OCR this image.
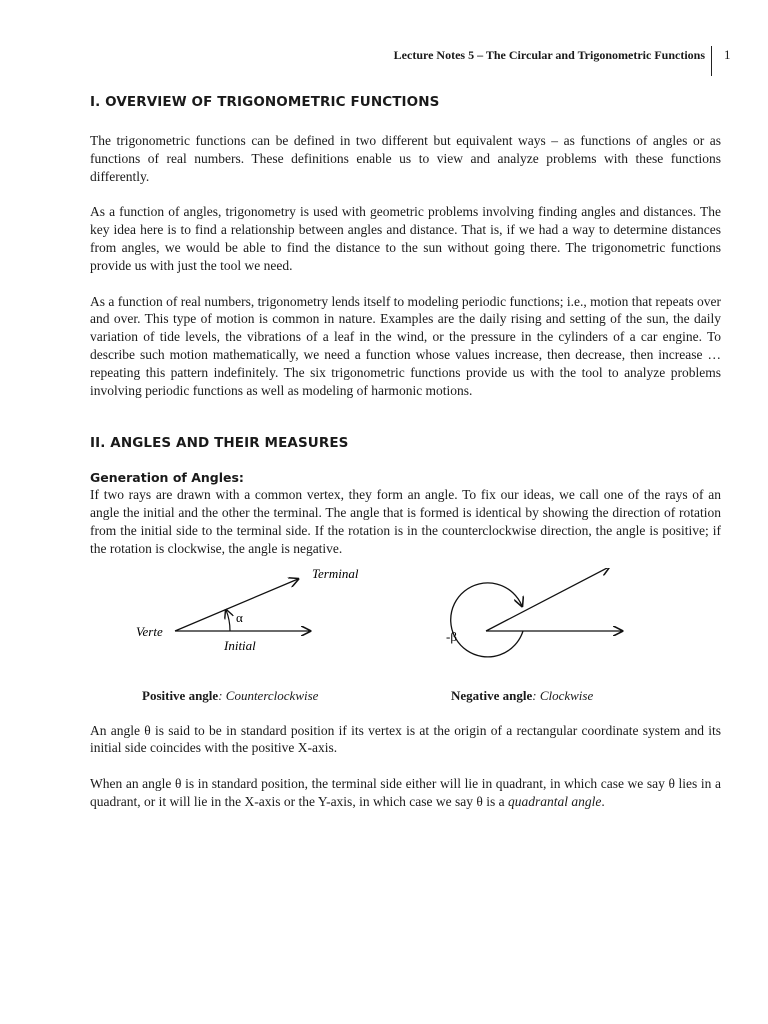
Lecture Notes 5 – The Circular and Trigonometric Functions	1
I. OVERVIEW OF TRIGONOMETRIC FUNCTIONS

The trigonometric functions can be defined in two different but equivalent ways – as functions of angles or as functions of real numbers. These definitions enable us to view and analyze problems with these functions differently.

As a function of angles, trigonometry is used with geometric problems involving finding angles and distances. The key idea here is to find a relationship between angles and distance. That is, if we had a way to determine distances from angles, we would be able to find the distance to the sun without going there. The trigonometric functions provide us with just the tool we need.

As a function of real numbers, trigonometry lends itself to modeling periodic functions; i.e., motion that repeats over and over. This type of motion is common in nature. Examples are the daily rising and setting of the sun, the daily variation of tide levels, the vibrations of a leaf in the wind, or the pressure in the cylinders of a car engine. To describe such motion mathematically, we need a function whose values increase, then decrease, then increase …repeating this pattern indefinitely. The six trigonometric functions provide us with the tool to analyze problems involving periodic functions as well as modeling of harmonic motions.

II. ANGLES AND THEIR MEASURES
Generation of Angles:

If two rays are drawn with a common vertex, they form an angle. To fix our ideas, we call one of the rays of an angle the initial and the other the terminal. The angle that is formed is identical by showing the direction of rotation from the initial side to the terminal side. If the rotation is in the counterclockwise direction, the angle is positive; if the rotation is clockwise, the angle is negative.

Terminal
α
Verte
Initial
-β
Positive angle: Counterclockwise	Negative angle: Clockwise

An angle θ is said to be in standard position if its vertex is at the origin of a rectangular coordinate system and its initial side coincides with the positive X-axis.

When an angle θ is in standard position, the terminal side either will lie in quadrant, in which case we say θ lies in a quadrant, or it will lie in the X-axis or the Y-axis, in which case we say θ is a quadrantal angle.
